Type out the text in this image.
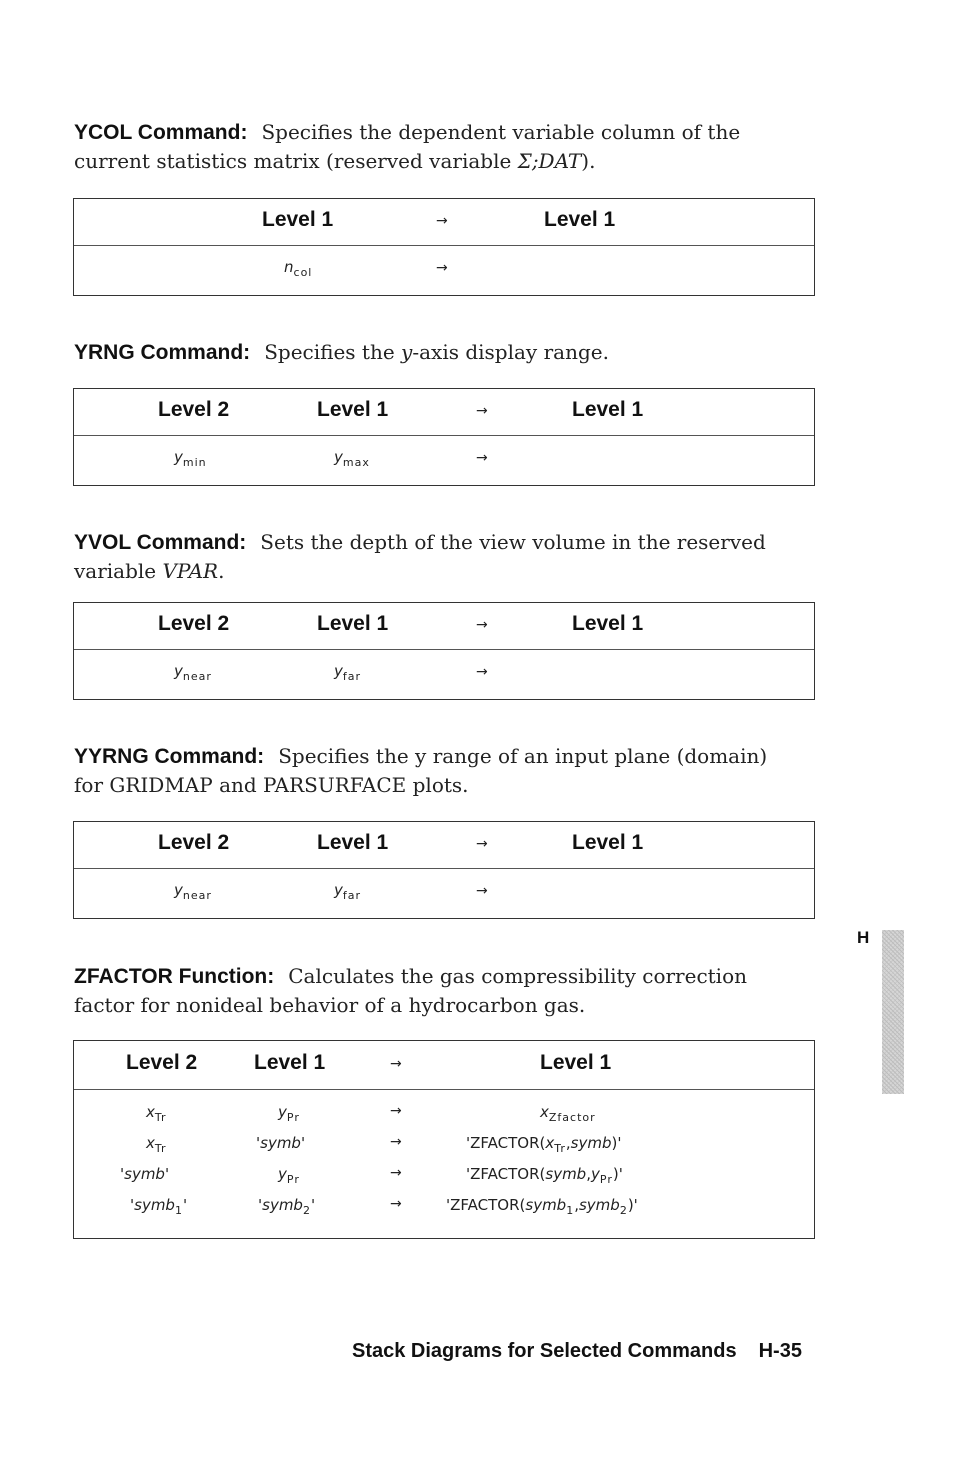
YCOL Command: Specifies the dependent variable column of the
current statistics matrix (reserved variable Σ;DAT).
Level 1	→	Level 1
$n_{col}$	→
YRNG Command: Specifies the y-axis display range.
Level 2	Level 1	→	Level 1
$y_{min}$	$y_{max}$	→
YVOL Command: Sets the depth of the view volume in the reserved
variable VPAR.
Level 2	Level 1	→	Level 1
$y_{near}$	$y_{far}$	→
YYRNG Command: Specifies the y range of an input plane (domain)
for GRIDMAP and PARSURFACE plots.
Level 2	Level 1	→	Level 1
$y_{near}$	$y_{far}$	→
ZFACTOR Function: Calculates the gas compressibility correction
factor for nonideal behavior of a hydrocarbon gas.
Level 2	Level 1	→	Level 1
$x_{Tr}$	$y_{Pr}$	→	$x_{Zfactor}$
$x_{Tr}$	'symb'	→	'$ZFACTOR(x_{Tr},symb)$'
'symb'	$y_{Pr}$	→	'$ZFACTOR(symb,y_{Pr})$'
'symb$_1$'	'symb$_2$'	→	'ZFACTOR(symb$_1$,symb$_2$)'
H
Stack Diagrams for Selected Commands H-35
